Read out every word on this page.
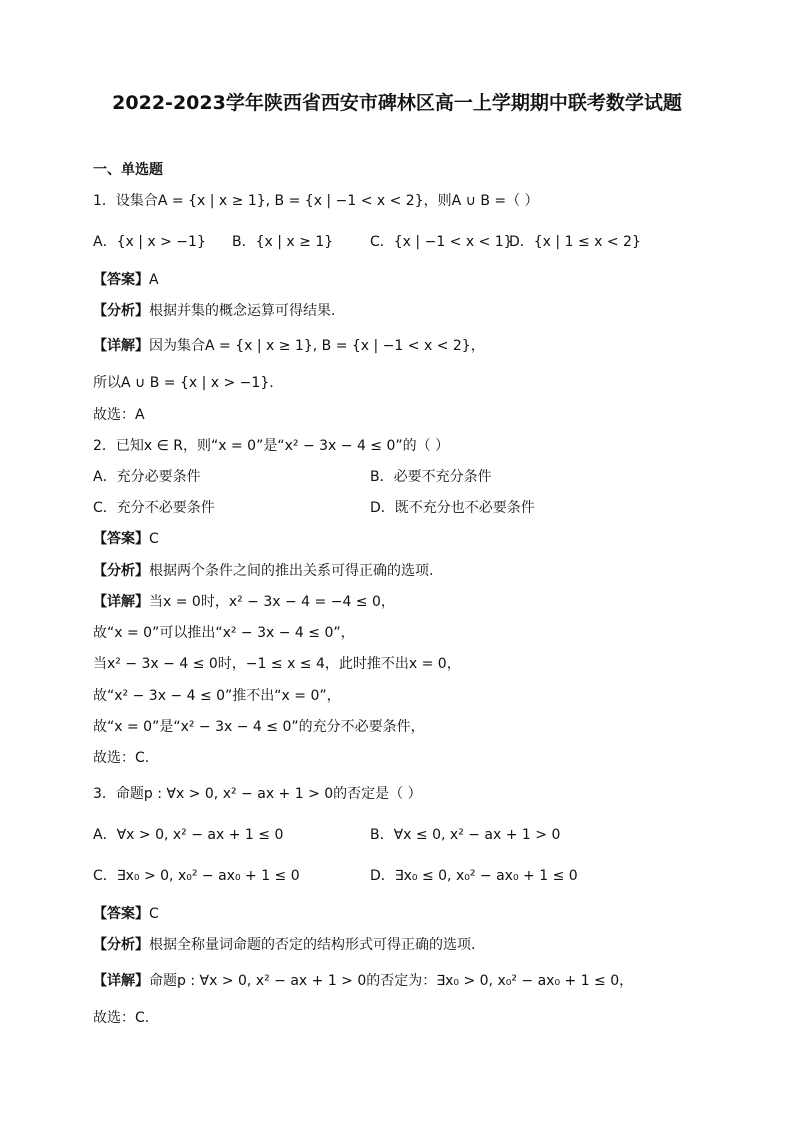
2022-2023学年陕西省西安市碑林区高一上学期期中联考数学试题
一、单选题
1．设集合A = {x | x ≥ 1}, B = {x | −1 < x < 2}，则A ∪ B =（ ）
A．{x | x > −1} B．{x | x ≥ 1}	C．{x | −1 < x < 1}
D．{x | 1 ≤ x < 2}
【答案】A
【分析】根据并集的概念运算可得结果.
【详解】因为集合A = {x | x ≥ 1}, B = {x | −1 < x < 2}，
所以A ∪ B = {x | x > −1}.
故选：A
2．已知x ∈ R，则“x = 0”是“x² − 3x − 4 ≤ 0”的（ ）
A．充分必要条件	B．必要不充分条件
C．充分不必要条件	D．既不充分也不必要条件
【答案】C
【分析】根据两个条件之间的推出关系可得正确的选项.
【详解】当x = 0时，x² − 3x − 4 = −4 ≤ 0，
故“x = 0”可以推出“x² − 3x − 4 ≤ 0”，
当x² − 3x − 4 ≤ 0时，−1 ≤ x ≤ 4，此时推不出x = 0，
故“x² − 3x − 4 ≤ 0”推不出“x = 0”，
故“x = 0”是“x² − 3x − 4 ≤ 0”的充分不必要条件，
故选：C.
3．命题p : ∀x > 0, x² − ax + 1 > 0的否定是（ ）
A．∀x > 0, x² − ax + 1 ≤ 0	B．∀x ≤ 0, x² − ax + 1 > 0
C．∃x₀ > 0, x₀² − ax₀ + 1 ≤ 0	D．∃x₀ ≤ 0, x₀² − ax₀ + 1 ≤ 0
【答案】C
【分析】根据全称量词命题的否定的结构形式可得正确的选项.
【详解】命题p : ∀x > 0, x² − ax + 1 > 0的否定为：∃x₀ > 0, x₀² − ax₀ + 1 ≤ 0，
故选：C.
